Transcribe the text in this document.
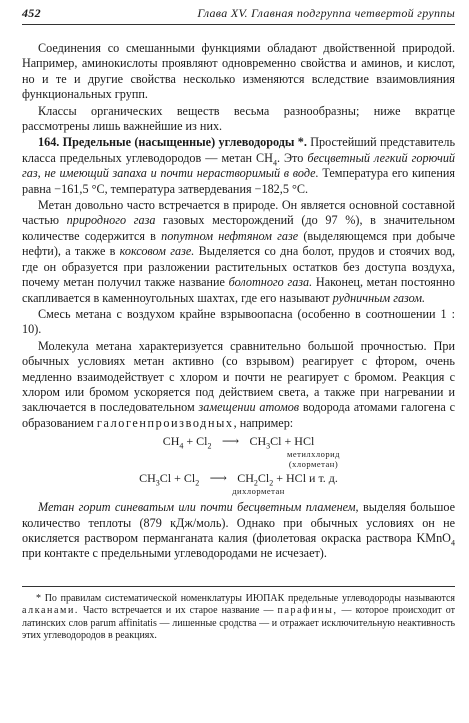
452	Глава XV. Главная подгруппа четвертой группы

Соединения со смешанными функциями обладают двойственной природой. Например, аминокислоты проявляют одновременно свойства и аминов, и кислот, но и те и другие свойства несколько изменяются вследствие взаимовлияния функциональных групп.

Классы органических веществ весьма разнообразны; ниже вкратце рассмотрены лишь важнейшие из них.

164. Предельные (насыщенные) углеводороды *. Простейший представитель класса предельных углеводородов — метан $CH_4$. Это бесцветный легкий горючий газ, не имеющий запаха и почти нерастворимый в воде. Температура его кипения равна −161,5 °C, температура затвердевания −182,5 °C.

Метан довольно часто встречается в природе. Он является основной составной частью природного газа газовых месторождений (до 97 %), в значительном количестве содержится в попутном нефтяном газе (выделяющемся при добыче нефти), а также в коксовом газе. Выделяется со дна болот, прудов и стоячих вод, где он образуется при разложении растительных остатков без доступа воздуха, почему метан получил также название болотного газа. Наконец, метан постоянно скапливается в каменноугольных шахтах, где его называют рудничным газом.

Смесь метана с воздухом крайне взрывоопасна (особенно в соотношении 1 : 10).

Молекула метана характеризуется сравнительно большой прочностью. При обычных условиях метан активно (со взрывом) реагирует с фтором, очень медленно взаимодействует с хлором и почти не реагирует с бромом. Реакция с хлором или бромом ускоряется под действием света, а также при нагревании и заключается в последовательном замещении атомов водорода атомами галогена с образованием галогенпроизводных, например:

$CH_4 + Cl_2$ ⟶ $CH_3Cl$ + HCl
метилхлорид
(хлорметан)
$CH_3Cl + Cl_2$ ⟶ $CH_2Cl_2$ + HCl и т. д.
дихлорметан

Метан горит синеватым или почти бесцветным пламенем, выделяя большое количество теплоты (879 кДж/моль). Однако при обычных условиях он не окисляется раствором перманганата калия (фиолетовая окраска раствора KMnO$_4$ при контакте с предельными углеводородами не исчезает).

* По правилам систематической номенклатуры ИЮПАК предельные углеводороды называются алканами. Часто встречается и их старое название — парафины, — которое происходит от латинских слов parum affinitatis — лишенные сродства — и отражает исключительную неактивность этих углеводородов в реакциях.
